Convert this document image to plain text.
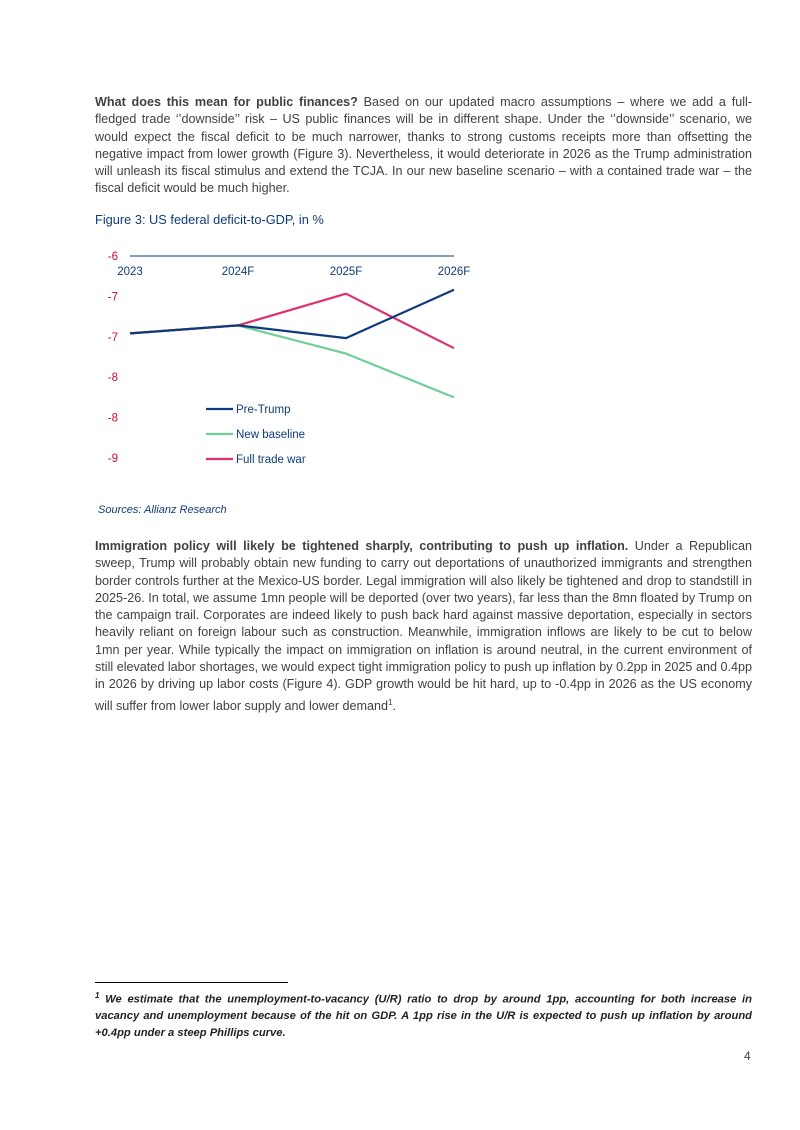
What does this mean for public finances? Based on our updated macro assumptions – where we add a full-fledged trade ‘’downside’’ risk – US public finances will be in different shape. Under the ‘’downside’’ scenario, we would expect the fiscal deficit to be much narrower, thanks to strong customs receipts more than offsetting the negative impact from lower growth (Figure 3). Nevertheless, it would deteriorate in 2026 as the Trump administration will unleash its fiscal stimulus and extend the TCJA. In our new baseline scenario – with a contained trade war – the fiscal deficit would be much higher.

Figure 3: US federal deficit-to-GDP, in %

-6
-7
-7
-8
-8
-9
2023	2024F	2025F	2026F
Pre-Trump
New baseline
Full trade war

Sources: Allianz Research

Immigration policy will likely be tightened sharply, contributing to push up inflation. Under a Republican sweep, Trump will probably obtain new funding to carry out deportations of unauthorized immigrants and strengthen border controls further at the Mexico-US border. Legal immigration will also likely be tightened and drop to standstill in 2025-26. In total, we assume 1mn people will be deported (over two years), far less than the 8mn floated by Trump on the campaign trail. Corporates are indeed likely to push back hard against massive deportation, especially in sectors heavily reliant on foreign labour such as construction. Meanwhile, immigration inflows are likely to be cut to below 1mn per year. While typically the impact on immigration on inflation is around neutral, in the current environment of still elevated labor shortages, we would expect tight immigration policy to push up inflation by 0.2pp in 2025 and 0.4pp in 2026 by driving up labor costs (Figure 4). GDP growth would be hit hard, up to -0.4pp in 2026 as the US economy will suffer from lower labor supply and lower demand$^1$.

$^1$ We estimate that the unemployment-to-vacancy (U/R) ratio to drop by around 1pp, accounting for both increase in vacancy and unemployment because of the hit on GDP. A 1pp rise in the U/R is expected to push up inflation by around +0.4pp under a steep Phillips curve.

4
